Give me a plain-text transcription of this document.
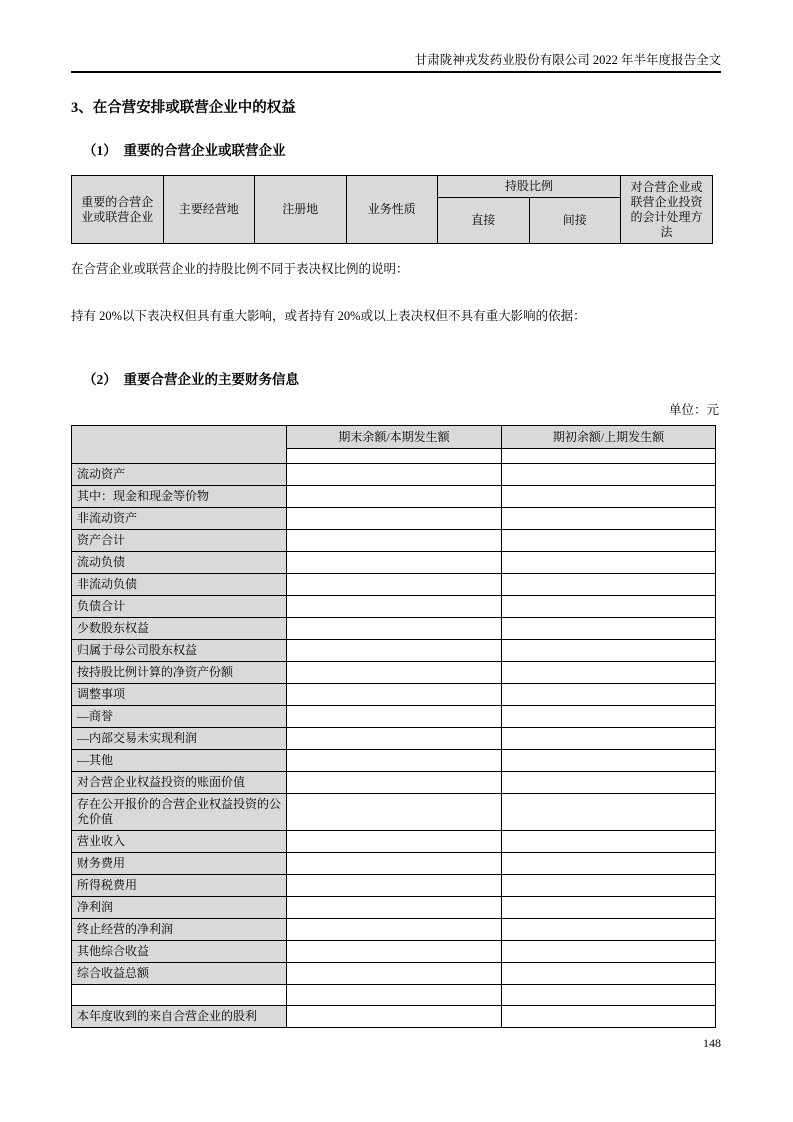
甘肃陇神戎发药业股份有限公司 2022 年半年度报告全文
3、在合营安排或联营企业中的权益
（1）　重要的合营企业或联营企业
重要的合营企业或联营企业	主要经营地	注册地	业务性质	持股比例		对合营企业或联营企业投资的会计处理方法
				直接	间接	
在合营企业或联营企业的持股比例不同于表决权比例的说明：
持有 20%以下表决权但具有重大影响，或者持有 20%或以上表决权但不具有重大影响的依据：
（2）　重要合营企业的主要财务信息
单位：元
	期末余额/本期发生额	期初余额/上期发生额

流动资产		
其中：现金和现金等价物		
非流动资产		
资产合计		
流动负债		
非流动负债		
负债合计		
少数股东权益		
归属于母公司股东权益		
按持股比例计算的净资产份额		
调整事项		
—商誉		
—内部交易未实现利润		
—其他		
对合营企业权益投资的账面价值		
存在公开报价的合营企业权益投资的公允价值		
营业收入		
财务费用		
所得税费用		
净利润		
终止经营的净利润		
其他综合收益		
综合收益总额		

本年度收到的来自合营企业的股利		
148
